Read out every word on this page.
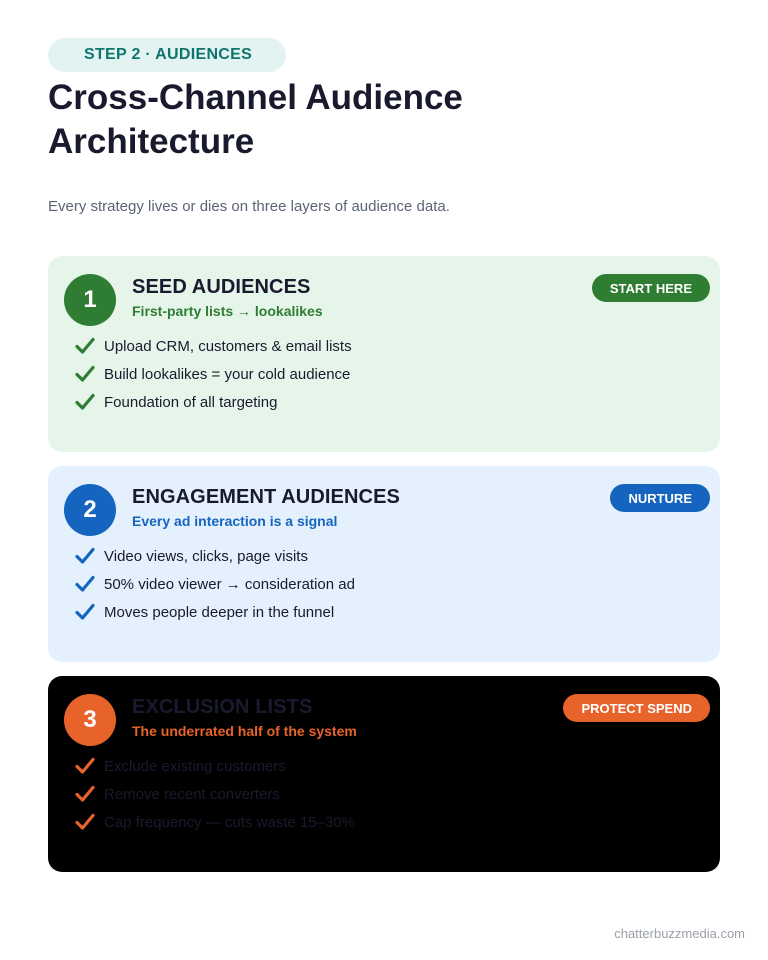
STEP 2 · AUDIENCES
Cross-Channel Audience Architecture

Every strategy lives or dies on three layers of audience data.

1	SEED AUDIENCES

First-party lists → lookalikes

START HERE
Upload CRM, customers & email lists
Build lookalikes = your cold audience
Foundation of all targeting
2	ENGAGEMENT AUDIENCES

Every ad interaction is a signal

NURTURE
Video views, clicks, page visits
50% video viewer → consideration ad
Moves people deeper in the funnel
3	EXCLUSION LISTS

The underrated half of the system

PROTECT SPEND
Exclude existing customers
Remove recent converters
Cap frequency — cuts waste 15–30%
chatterbuzzmedia.com
